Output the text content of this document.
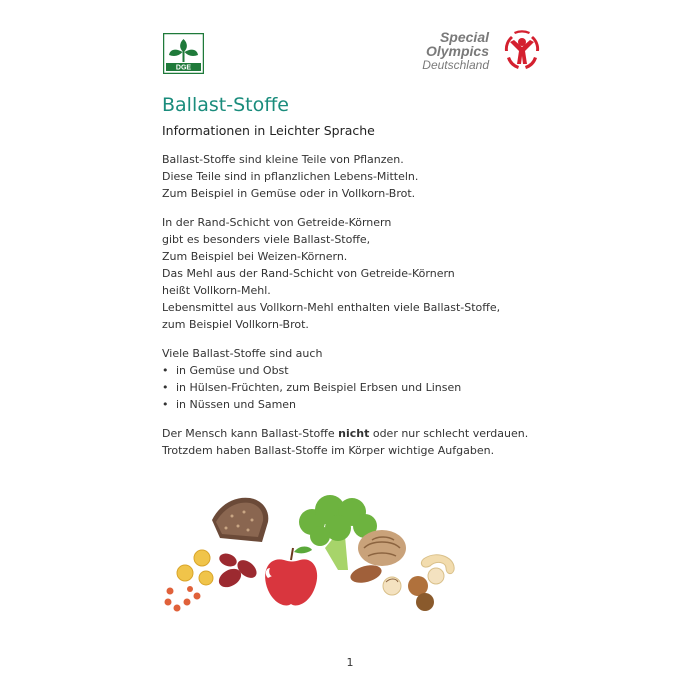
DGE
Special
Olympics
Deutschland
Ballast-Stoffe
Informationen in Leichter Sprache

Ballast-Stoffe sind kleine Teile von Pflanzen.
Diese Teile sind in pflanzlichen Lebens-Mitteln.
Zum Beispiel in Gemüse oder in Vollkorn-Brot.

In der Rand-Schicht von Getreide-Körnern
gibt es besonders viele Ballast-Stoffe,
Zum Beispiel bei Weizen-Körnern.
Das Mehl aus der Rand-Schicht von Getreide-Körnern
heißt Vollkorn-Mehl.
Lebensmittel aus Vollkorn-Mehl enthalten viele Ballast-Stoffe,
zum Beispiel Vollkorn-Brot.

Viele Ballast-Stoffe sind auch
• in Gemüse und Obst
• in Hülsen-Früchten, zum Beispiel Erbsen und Linsen
• in Nüssen und Samen

Der Mensch kann Ballast-Stoffe nicht oder nur schlecht verdauen.
Trotzdem haben Ballast-Stoffe im Körper wichtige Aufgaben.

1
